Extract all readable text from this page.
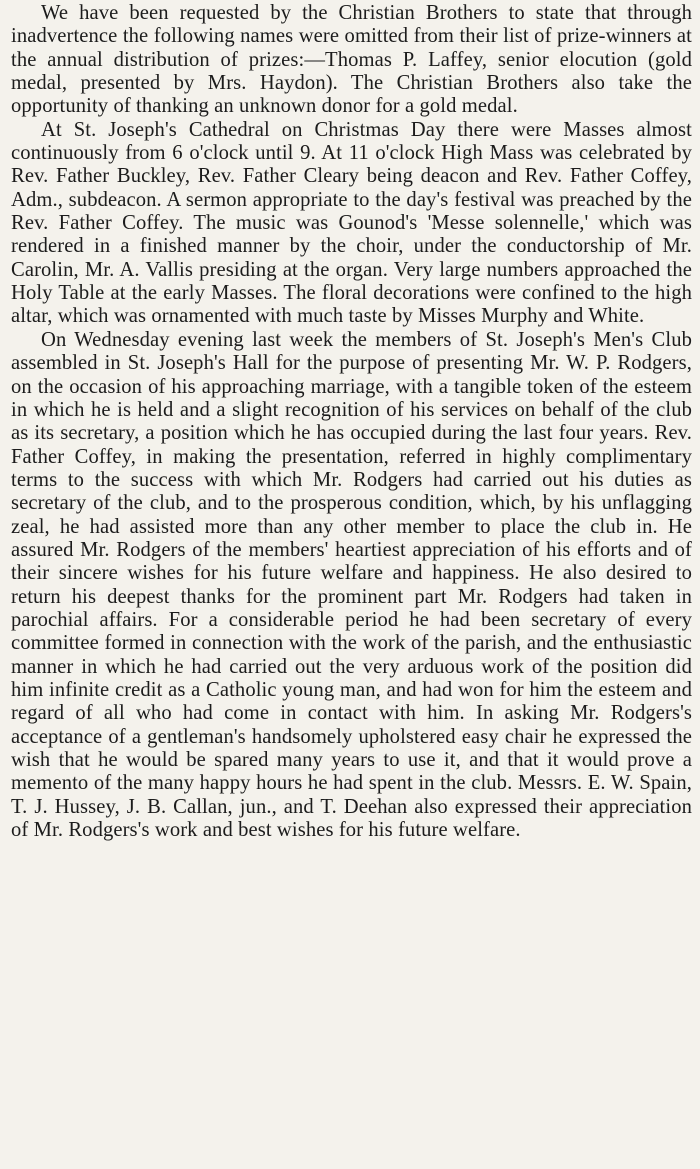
We have been requested by the Christian Brothers to state that through inadvertence the following names were omitted from their list of prize-winners at the annual distribution of prizes:—Thomas P. Laffey, senior elocution (gold medal, presented by Mrs. Haydon). The Christian Brothers also take the opportunity of thanking an unknown donor for a gold medal.

At St. Joseph's Cathedral on Christmas Day there were Masses almost continuously from 6 o'clock until 9. At 11 o'clock High Mass was celebrated by Rev. Father Buckley, Rev. Father Cleary being deacon and Rev. Father Coffey, Adm., subdeacon. A sermon appropriate to the day's festival was preached by the Rev. Father Coffey. The music was Gounod's 'Messe solennelle,' which was rendered in a finished manner by the choir, under the conductorship of Mr. Carolin, Mr. A. Vallis presiding at the organ. Very large numbers approached the Holy Table at the early Masses. The floral decorations were confined to the high altar, which was ornamented with much taste by Misses Murphy and White.

On Wednesday evening last week the members of St. Joseph's Men's Club assembled in St. Joseph's Hall for the purpose of presenting Mr. W. P. Rodgers, on the occasion of his approaching marriage, with a tangible token of the esteem in which he is held and a slight recognition of his services on behalf of the club as its secretary, a position which he has occupied during the last four years. Rev. Father Coffey, in making the presentation, referred in highly complimentary terms to the success with which Mr. Rodgers had carried out his duties as secretary of the club, and to the prosperous condition, which, by his unflagging zeal, he had assisted more than any other member to place the club in. He assured Mr. Rodgers of the members' heartiest appreciation of his efforts and of their sincere wishes for his future welfare and happiness. He also desired to return his deepest thanks for the prominent part Mr. Rodgers had taken in parochial affairs. For a considerable period he had been secretary of every committee formed in connection with the work of the parish, and the enthusiastic manner in which he had carried out the very arduous work of the position did him infinite credit as a Catholic young man, and had won for him the esteem and regard of all who had come in contact with him. In asking Mr. Rodgers's acceptance of a gentleman's handsomely upholstered easy chair he expressed the wish that he would be spared many years to use it, and that it would prove a memento of the many happy hours he had spent in the club. Messrs. E. W. Spain, T. J. Hussey, J. B. Callan, jun., and T. Deehan also expressed their appreciation of Mr. Rodgers's work and best wishes for his future welfare.
